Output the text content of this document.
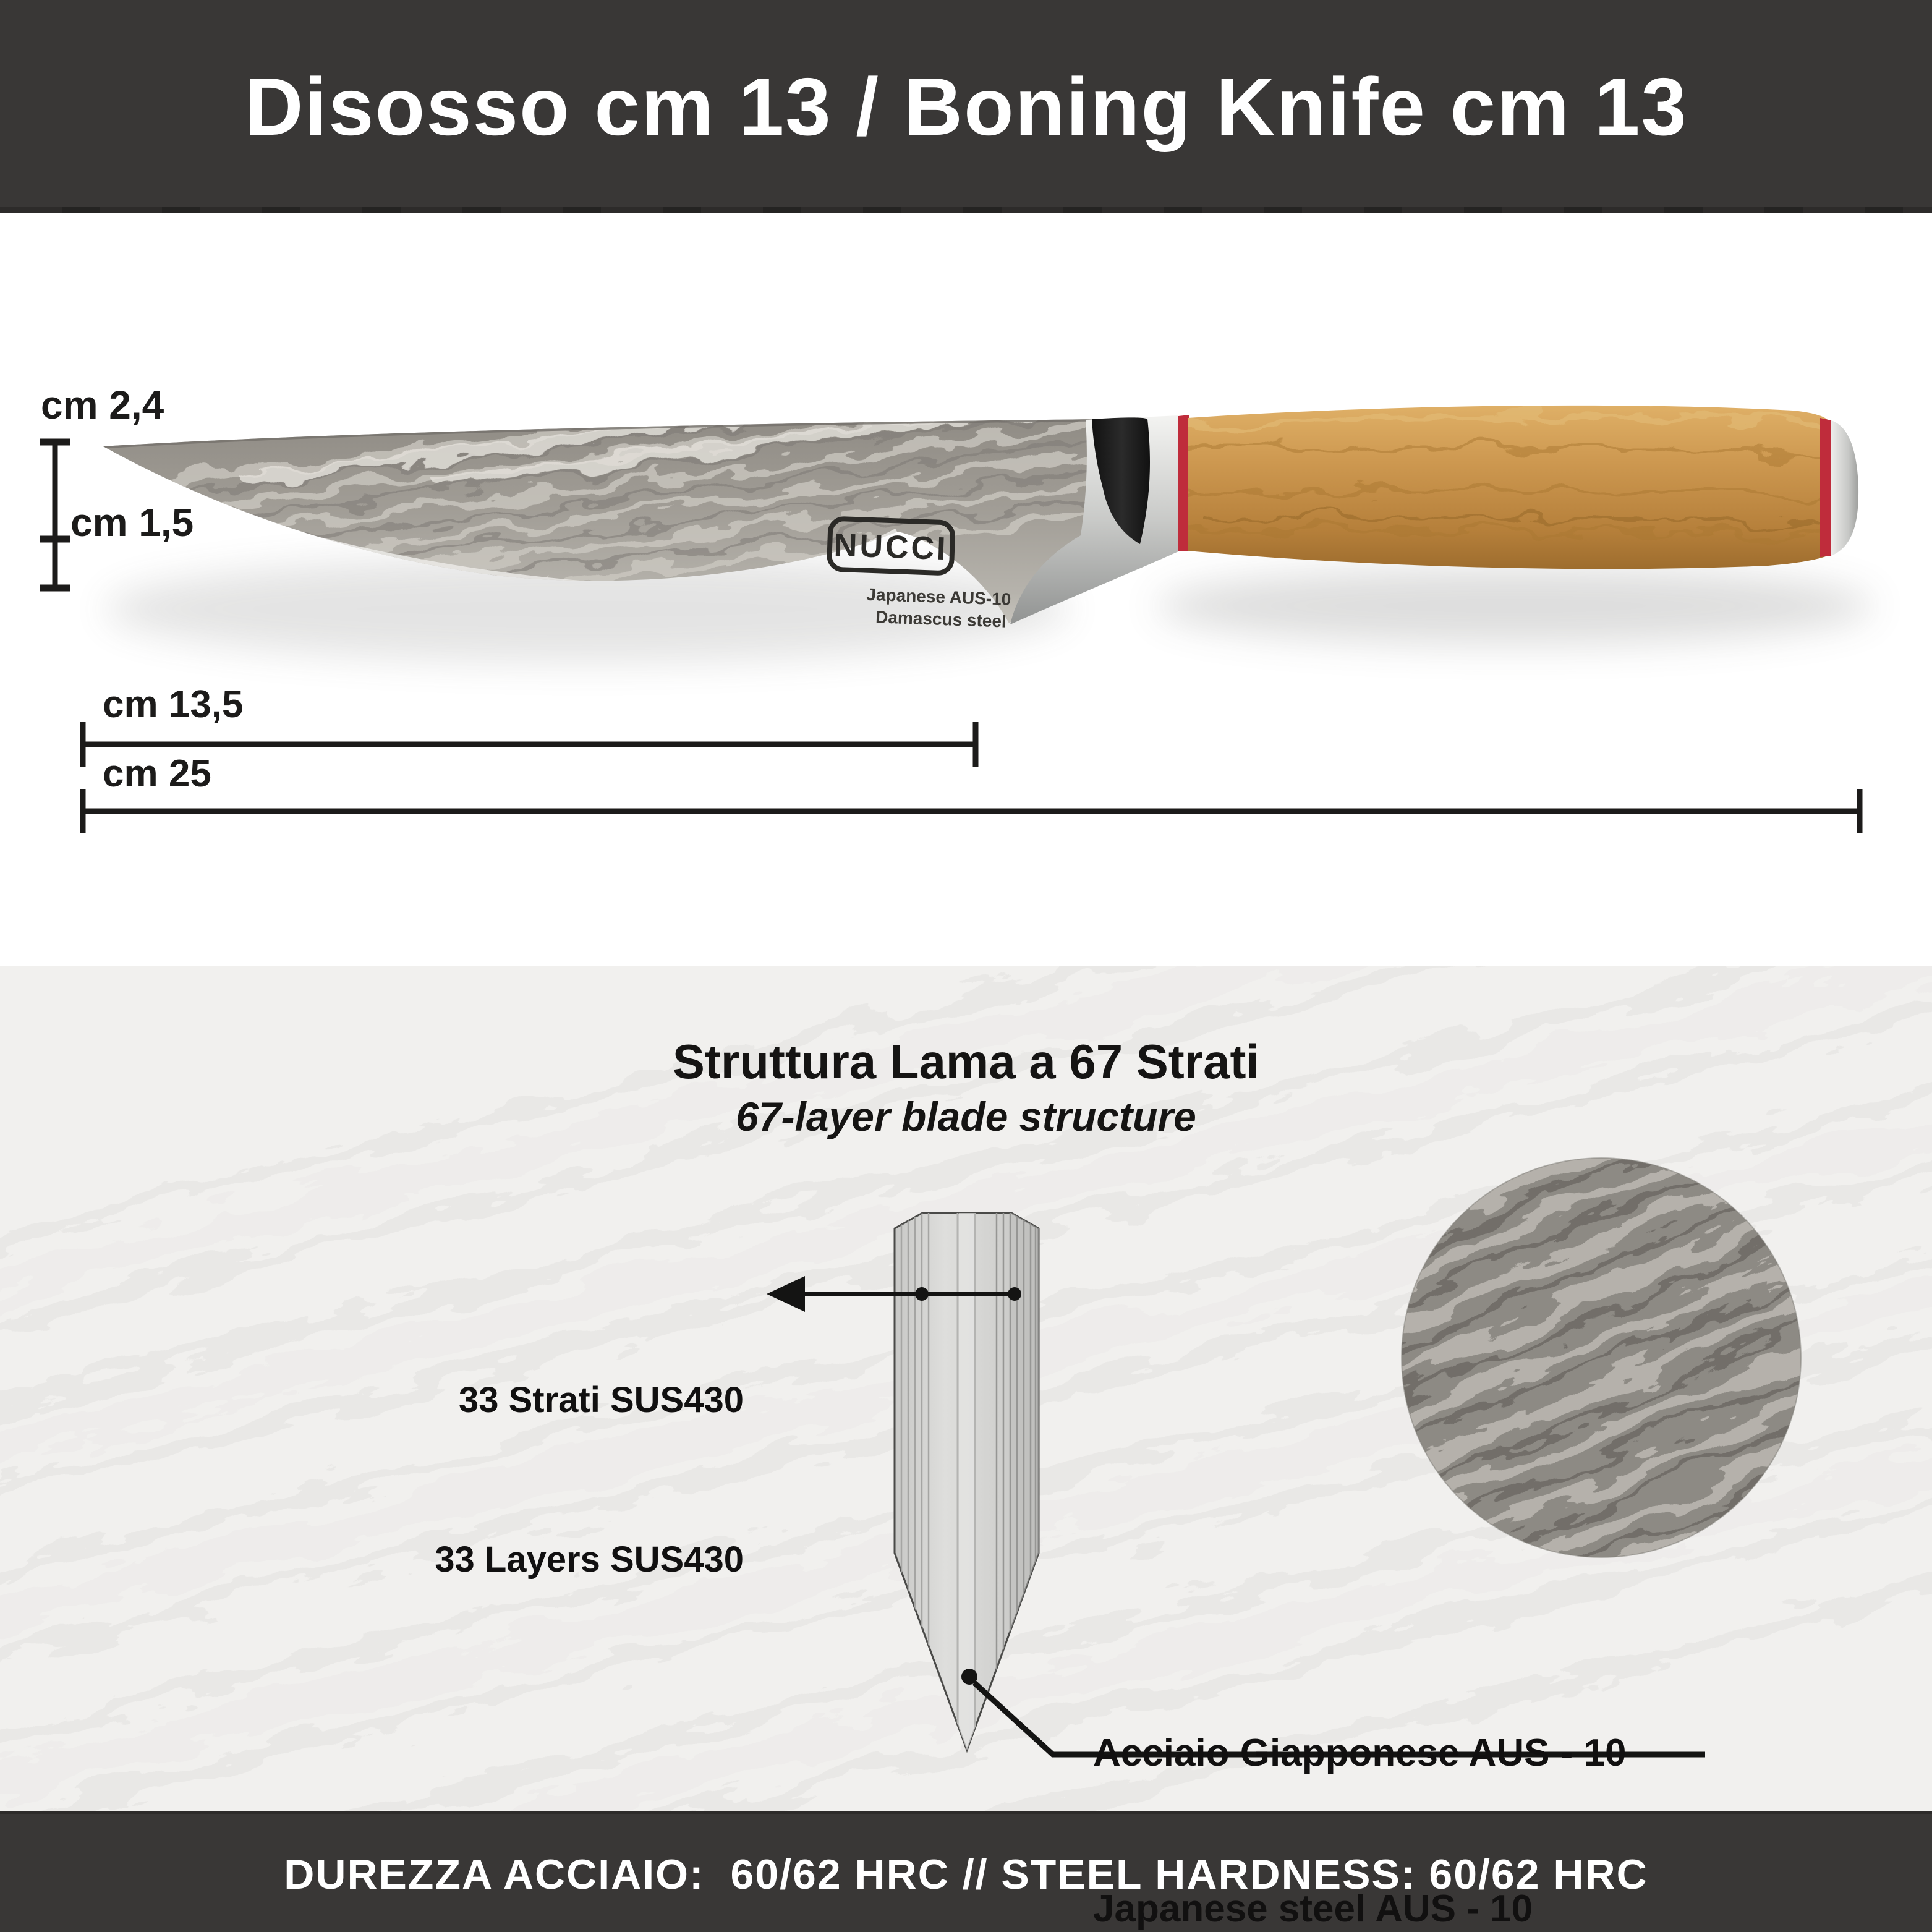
Disosso cm 13 / Boning Knife cm 13
DUREZZA ACCIAIO:  60/62 HRC // STEEL HARDNESS: 60/62 HRC
NUCCI
Japanese AUS-10
Damascus steel
cm 2,4
cm 1,5
cm 13,5
cm 25
Struttura Lama a 67 Strati
67-layer blade structure

33 Strati SUS430

33 Layers SUS430

Acciaio Giapponese AUS - 10

Japanese steel AUS - 10
